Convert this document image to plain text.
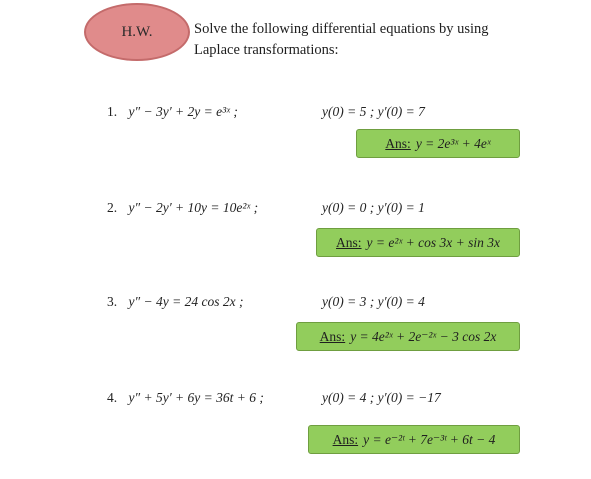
H.W.	Solve the following differential equations by using
Laplace transformations:
1. y″ − 3y′ + 2y = e³ˣ ;	y(0) = 5 ; y′(0) = 7
Ans: y = 2e³ˣ + 4eˣ
2. y″ − 2y′ + 10y = 10e²ˣ ;	y(0) = 0 ; y′(0) = 1
Ans: y = e²ˣ + cos 3x + sin 3x
3. y″ − 4y = 24 cos 2x ;	y(0) = 3 ; y′(0) = 4
Ans: y = 4e²ˣ + 2e⁻²ˣ − 3 cos 2x
4. y″ + 5y′ + 6y = 36t + 6 ;	y(0) = 4 ; y′(0) = −17
Ans: y = e⁻²ᵗ + 7e⁻³ᵗ + 6t − 4
